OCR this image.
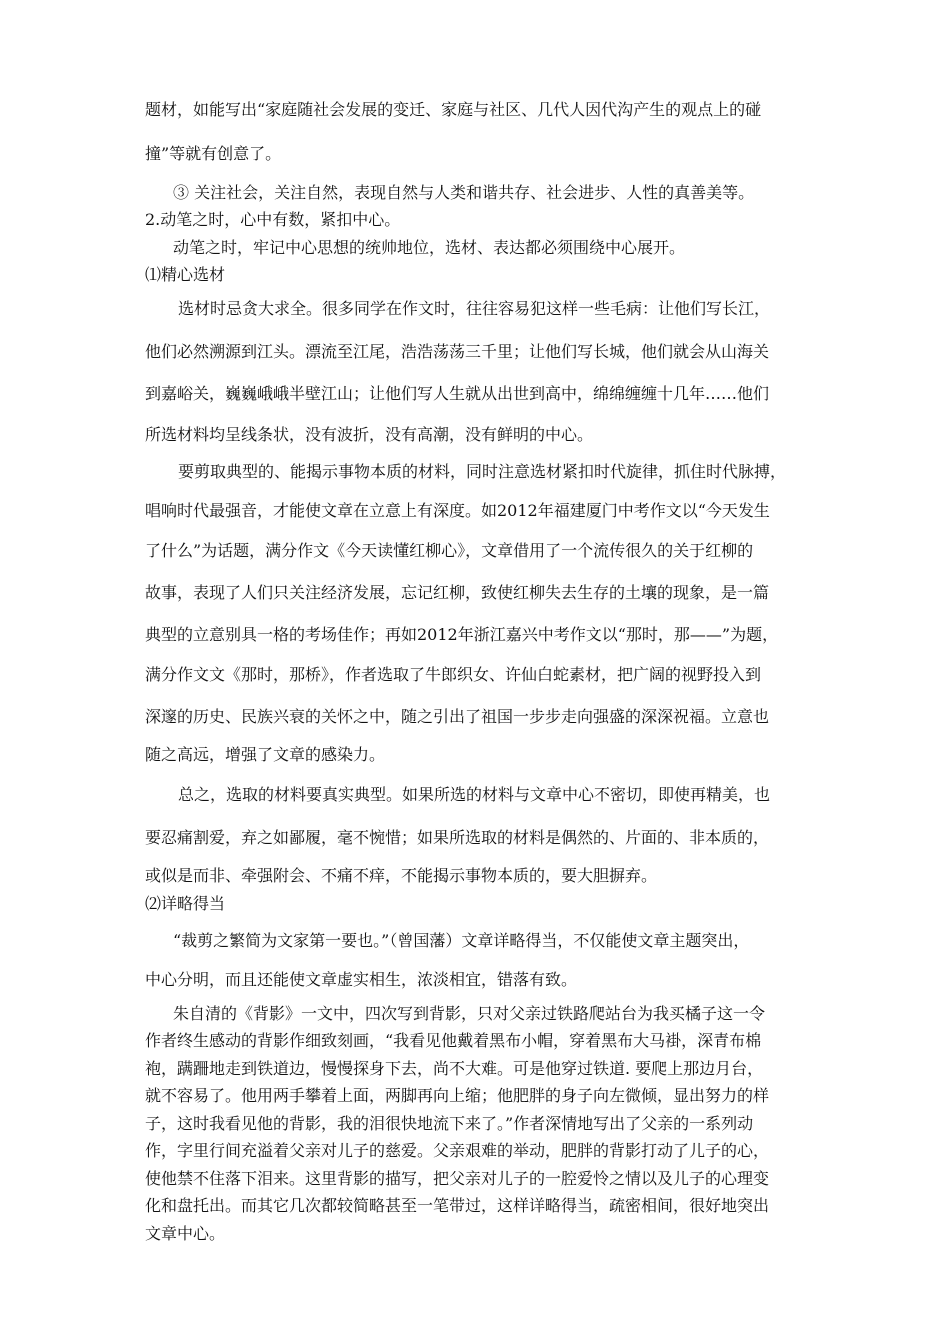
题材，如能写出“家庭随社会发展的变迁、家庭与社区、几代人因代沟产生的观点上的碰
撞”等就有创意了。
③ 关注社会，关注自然，表现自然与人类和谐共存、社会进步、人性的真善美等。
2.动笔之时，心中有数，紧扣中心。
动笔之时，牢记中心思想的统帅地位，选材、表达都必须围绕中心展开。
⑴精心选材
选材时忌贪大求全。很多同学在作文时，往往容易犯这样一些毛病：让他们写长江，
他们必然溯源到江头。漂流至江尾，浩浩荡荡三千里；让他们写长城，他们就会从山海关
到嘉峪关，巍巍峨峨半壁江山；让他们写人生就从出世到高中，绵绵缠缠十几年……他们
所选材料均呈线条状，没有波折，没有高潮，没有鲜明的中心。
要剪取典型的、能揭示事物本质的材料，同时注意选材紧扣时代旋律，抓住时代脉搏，
唱响时代最强音，才能使文章在立意上有深度。如2012年福建厦门中考作文以“今天发生
了什么”为话题，满分作文《今天读懂红柳心》，文章借用了一个流传很久的关于红柳的
故事，表现了人们只关注经济发展，忘记红柳，致使红柳失去生存的土壤的现象，是一篇
典型的立意别具一格的考场佳作；再如2012年浙江嘉兴中考作文以“那时，那——”为题，
满分作文文《那时，那桥》，作者选取了牛郎织女、许仙白蛇素材，把广阔的视野投入到
深邃的历史、民族兴衰的关怀之中，随之引出了祖国一步步走向强盛的深深祝福。立意也
随之高远，增强了文章的感染力。
总之，选取的材料要真实典型。如果所选的材料与文章中心不密切，即使再精美，也
要忍痛割爱，弃之如鄙履，毫不惋惜；如果所选取的材料是偶然的、片面的、非本质的，
或似是而非、牵强附会、不痛不痒，不能揭示事物本质的，要大胆摒弃。
⑵详略得当
“裁剪之繁简为文家第一要也。”（曾国藩）文章详略得当，不仅能使文章主题突出，
中心分明，而且还能使文章虚实相生，浓淡相宜，错落有致。
朱自清的《背影》一文中，四次写到背影，只对父亲过铁路爬站台为我买橘子这一令
作者终生感动的背影作细致刻画，“我看见他戴着黑布小帽，穿着黑布大马褂，深青布棉
袍，蹒跚地走到铁道边，慢慢探身下去，尚不大难。可是他穿过铁道. 要爬上那边月台，
就不容易了。他用两手攀着上面，两脚再向上缩；他肥胖的身子向左微倾，显出努力的样
子，这时我看见他的背影，我的泪很快地流下来了。”作者深情地写出了父亲的一系列动
作，字里行间充溢着父亲对儿子的慈爱。父亲艰难的举动，肥胖的背影打动了儿子的心，
使他禁不住落下泪来。这里背影的描写，把父亲对儿子的一腔爱怜之情以及儿子的心理变
化和盘托出。而其它几次都较简略甚至一笔带过，这样详略得当，疏密相间，很好地突出
文章中心。
